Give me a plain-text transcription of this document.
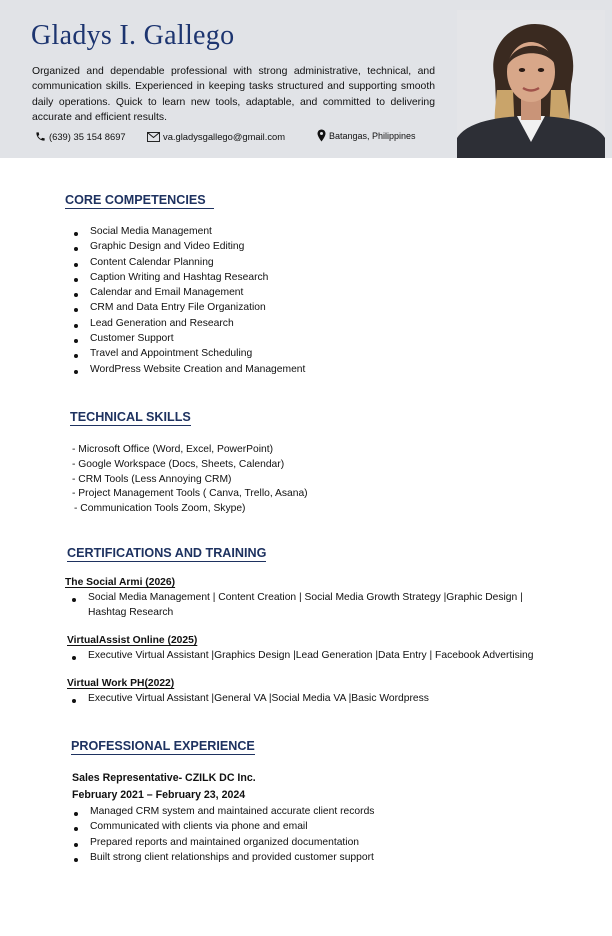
Gladys I. Gallego
Organized and dependable professional with strong administrative, technical, and communication skills. Experienced in keeping tasks structured and supporting smooth daily operations. Quick to learn new tools, adaptable, and committed to delivering accurate and efficient results.
(639) 35 154 8697	va.gladysgallego@gmail.com	Batangas, Philippines
CORE COMPETENCIES
Social Media Management
Graphic Design and Video Editing
Content Calendar Planning
Caption Writing and Hashtag Research
Calendar and Email Management
CRM and Data Entry File Organization
Lead Generation and Research
Customer Support
Travel and Appointment Scheduling
WordPress Website Creation and Management
TECHNICAL SKILLS
- Microsoft Office (Word, Excel, PowerPoint)
- Google Workspace (Docs, Sheets, Calendar)
- CRM Tools (Less Annoying CRM)
- Project Management Tools ( Canva, Trello, Asana)
- Communication Tools Zoom, Skype)
CERTIFICATIONS AND TRAINING
The Social Armi (2026)
Social Media Management | Content Creation | Social Media Growth Strategy |Graphic Design |
Hashtag Research
VirtualAssist Online (2025)
Executive Virtual Assistant |Graphics Design |Lead Generation |Data Entry | Facebook Advertising
Virtual Work PH(2022)
Executive Virtual Assistant |General VA |Social Media VA |Basic Wordpress
PROFESSIONAL EXPERIENCE
Sales Representative- CZILK DC Inc.
February 2021 – February 23, 2024
Managed CRM system and maintained accurate client records
Communicated with clients via phone and email
Prepared reports and maintained organized documentation
Built strong client relationships and provided customer support
